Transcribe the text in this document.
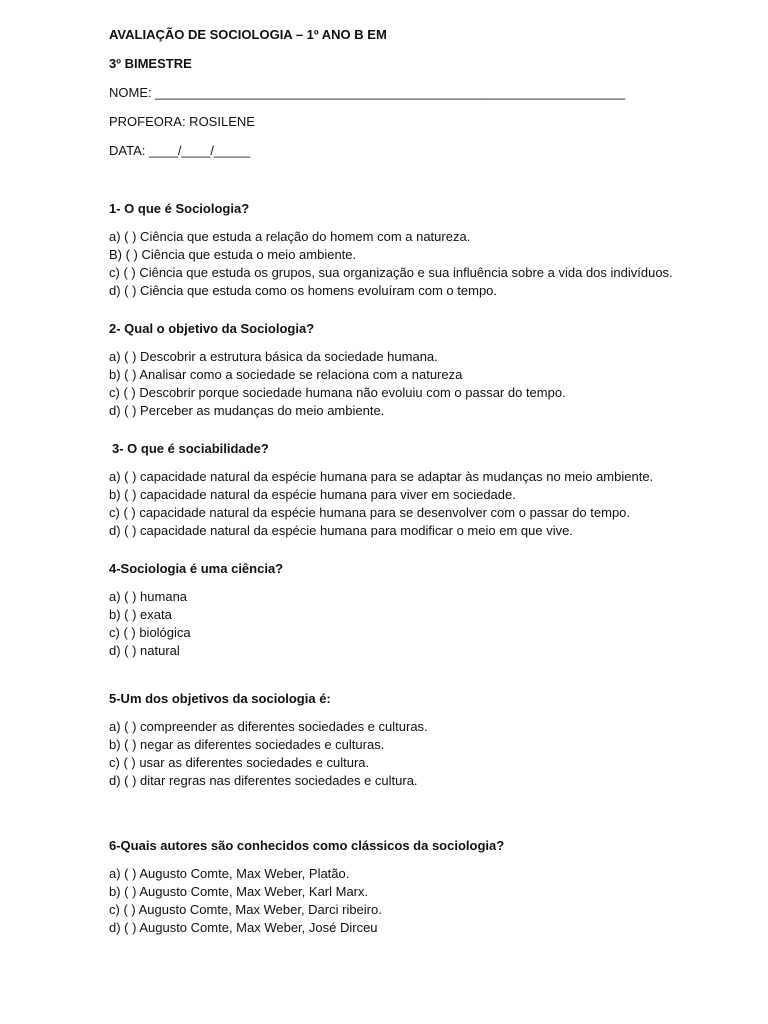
AVALIAÇÃO DE SOCIOLOGIA – 1º ANO B EM
3º BIMESTRE
NOME: _________________________________________________________________
PROFEORA: ROSILENE
DATA: ____/____/_____
1- O que é Sociologia?
a) ( ) Ciência que estuda a relação do homem com a natureza.
B) ( ) Ciência que estuda o meio ambiente.
c) ( ) Ciência que estuda os grupos, sua organização e sua influência sobre a vida dos indivíduos.
d) ( ) Ciência que estuda como os homens evoluíram com o tempo.
2- Qual o objetivo da Sociologia?
a) ( ) Descobrir a estrutura básica da sociedade humana.
b) ( ) Analisar como a sociedade se relaciona com a natureza
c) ( ) Descobrir porque sociedade humana não evoluiu com o passar do tempo.
d) ( ) Perceber as mudanças do meio ambiente.
3- O que é sociabilidade?
a) ( ) capacidade natural da espécie humana para se adaptar às mudanças no meio ambiente.
b) ( ) capacidade natural da espécie humana para viver em sociedade.
c) ( ) capacidade natural da espécie humana para se desenvolver com o passar do tempo.
d) ( ) capacidade natural da espécie humana para modificar o meio em que vive.
4-Sociologia é uma ciência?
a) ( ) humana
b) ( ) exata
c) ( ) biológica
d) ( ) natural
5-Um dos objetivos da sociologia é:
a) ( ) compreender as diferentes sociedades e culturas.
b) ( ) negar as diferentes sociedades e culturas.
c) ( ) usar as diferentes sociedades e cultura.
d) ( ) ditar regras nas diferentes sociedades e cultura.
6-Quais autores são conhecidos como clássicos da sociologia?
a) ( ) Augusto Comte, Max Weber, Platão.
b) ( ) Augusto Comte, Max Weber, Karl Marx.
c) ( ) Augusto Comte, Max Weber, Darci ribeiro.
d) ( ) Augusto Comte, Max Weber, José Dirceu
